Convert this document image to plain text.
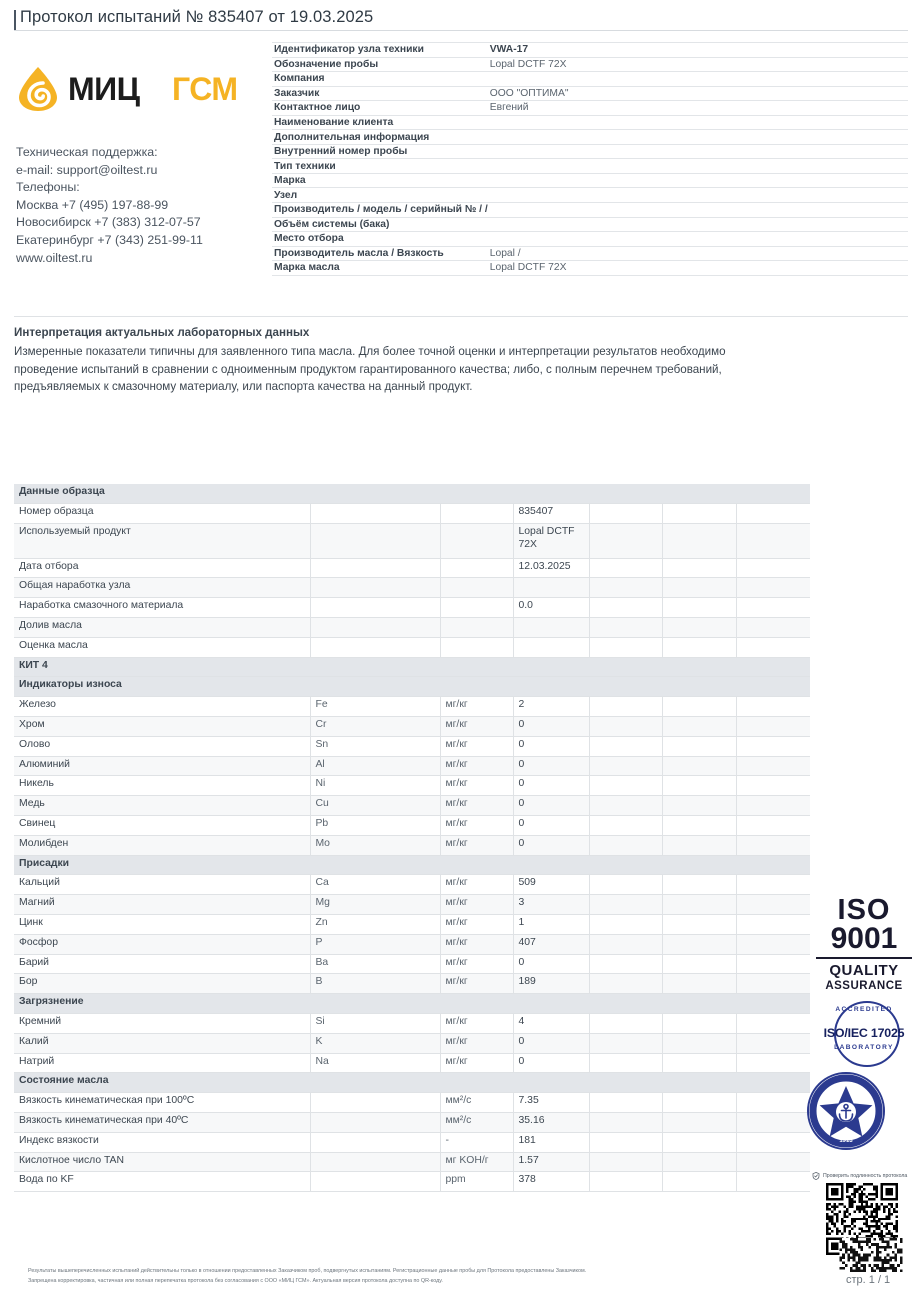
Протокол испытаний № 835407 от 19.03.2025
МИЦ ГСМ
Техническая поддержка:
e-mail: support@oiltest.ru
Телефоны:
Москва +7 (495) 197-88-99
Новосибирск +7 (383) 312-07-57
Екатеринбург +7 (343) 251-99-11
www.oiltest.ru
Идентификатор узла техники	VWA-17
Обозначение пробы	Lopal DCTF 72X
Компания	
Заказчик	ООО "ОПТИМА"
Контактное лицо	Евгений
Наименование клиента	
Дополнительная информация	
Внутренний номер пробы	
Тип техники	
Марка	
Узел	
Производитель / модель / серийный № / /	
Объём системы (бака)	
Место отбора	
Производитель масла / Вязкость	Lopal /
Марка масла	Lopal DCTF 72X
Интерпретация актуальных лабораторных данных
Измеренные показатели типичны для заявленного типа масла. Для более точной оценки и интерпретации результатов необходимо
проведение испытаний в сравнении с одноименным продуктом гарантированного качества; либо, с полным перечнем требований,
предъявляемых к смазочному материалу, или паспорта качества на данный продукт.
Данные образца						
Номер образца			835407			
Используемый продукт			Lopal DCTF 72X			
Дата отбора			12.03.2025			
Общая наработка узла						
Наработка смазочного материала			0.0			
Долив масла						
Оценка масла						
КИТ 4						
Индикаторы износа						
Железо	Fe	мг/кг	2			
Хром	Cr	мг/кг	0			
Олово	Sn	мг/кг	0			
Алюминий	Al	мг/кг	0			
Никель	Ni	мг/кг	0			
Медь	Cu	мг/кг	0			
Свинец	Pb	мг/кг	0			
Молибден	Mo	мг/кг	0			
Присадки						
Кальций	Ca	мг/кг	509			
Магний	Mg	мг/кг	3			
Цинк	Zn	мг/кг	1			
Фосфор	P	мг/кг	407			
Барий	Ba	мг/кг	0			
Бор	B	мг/кг	189			
Загрязнение						
Кремний	Si	мг/кг	4			
Калий	K	мг/кг	0			
Натрий	Na	мг/кг	0			
Состояние масла						
Вязкость кинематическая при 100ºC		мм²/с	7.35			
Вязкость кинематическая при 40ºC		мм²/с	35.16			
Индекс вязкости		-	181			
Кислотное число TAN		мг KOH/г	1.57			
Вода по KF		ppm	378			
ISO
9001
QUALITY
ASSURANCE
ACCREDITED
ISO/IEC 17025
LABORATORY
1913
Проверить подлинность протокола
Результаты вышеперечисленных испытаний действительны только в отношении предоставленных Заказчиком проб, подвергнутых испытаниям. Регистрационные данные пробы для Протокола предоставлены Заказчиком.
Запрещена корректировка, частичная или полная перепечатка протокола без согласования с ООО «МИЦ ГСМ». Актуальная версия протокола доступна по QR-коду.	стр. 1 / 1
